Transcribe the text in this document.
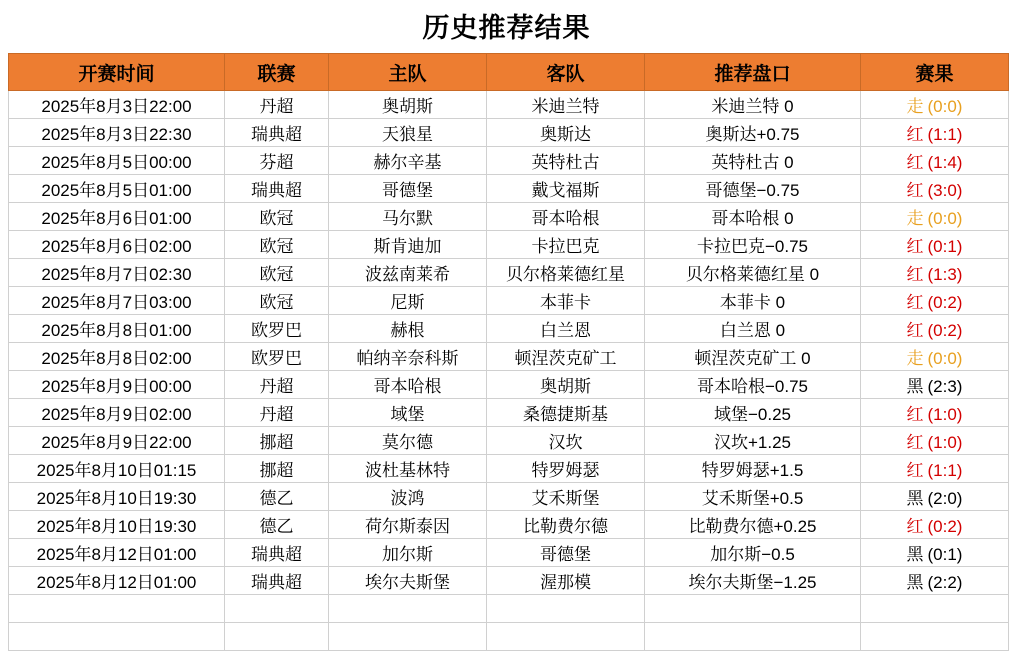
历史推荐结果
开赛时间	联赛	主队	客队	推荐盘口	赛果
2025年8月3日22:00	丹超	奥胡斯	米迪兰特	米迪兰特 0	走 (0:0)
2025年8月3日22:30	瑞典超	天狼星	奥斯达	奥斯达+0.75	红 (1:1)
2025年8月5日00:00	芬超	赫尔辛基	英特杜古	英特杜古 0	红 (1:4)
2025年8月5日01:00	瑞典超	哥德堡	戴戈福斯	哥德堡−0.75	红 (3:0)
2025年8月6日01:00	欧冠	马尔默	哥本哈根	哥本哈根 0	走 (0:0)
2025年8月6日02:00	欧冠	斯肯迪加	卡拉巴克	卡拉巴克−0.75	红 (0:1)
2025年8月7日02:30	欧冠	波兹南莱希	贝尔格莱德红星	贝尔格莱德红星 0	红 (1:3)
2025年8月7日03:00	欧冠	尼斯	本菲卡	本菲卡 0	红 (0:2)
2025年8月8日01:00	欧罗巴	赫根	白兰恩	白兰恩 0	红 (0:2)
2025年8月8日02:00	欧罗巴	帕纳辛奈科斯	顿涅茨克矿工	顿涅茨克矿工 0	走 (0:0)
2025年8月9日00:00	丹超	哥本哈根	奥胡斯	哥本哈根−0.75	黑 (2:3)
2025年8月9日02:00	丹超	域堡	桑德捷斯基	域堡−0.25	红 (1:0)
2025年8月9日22:00	挪超	莫尔德	汉坎	汉坎+1.25	红 (1:0)
2025年8月10日01:15	挪超	波杜基林特	特罗姆瑟	特罗姆瑟+1.5	红 (1:1)
2025年8月10日19:30	德乙	波鸿	艾禾斯堡	艾禾斯堡+0.5	黑 (2:0)
2025年8月10日19:30	德乙	荷尔斯泰因	比勒费尔德	比勒费尔德+0.25	红 (0:2)
2025年8月12日01:00	瑞典超	加尔斯	哥德堡	加尔斯−0.5	黑 (0:1)
2025年8月12日01:00	瑞典超	埃尔夫斯堡	渥那模	埃尔夫斯堡−1.25	黑 (2:2)
